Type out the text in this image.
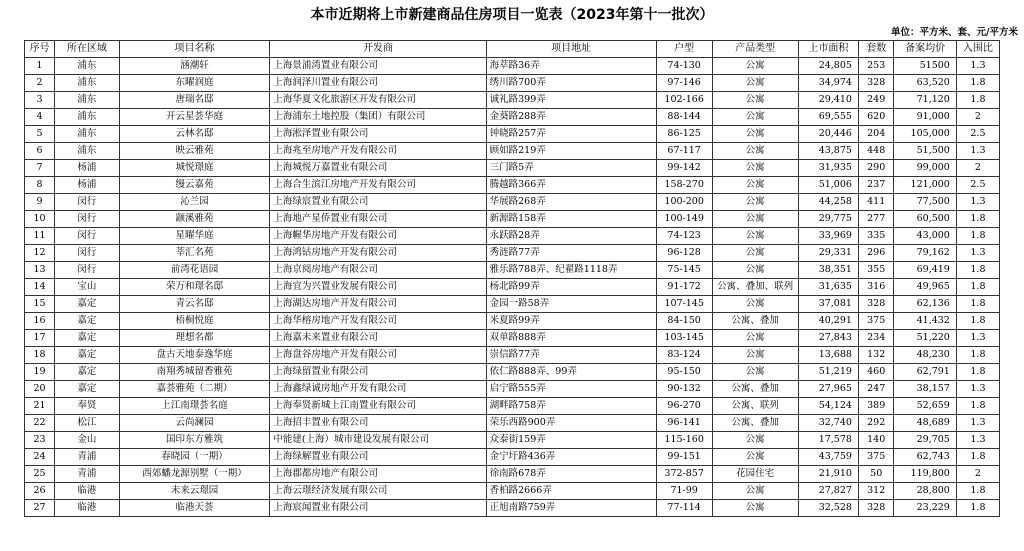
本市近期将上市新建商品住房项目一览表（2023年第十一批次）
单位：平方米、套、元/平方米
序号	所在区域	项目名称	开发商	项目地址	户型	产品类型	上市面积	套数	备案均价	入围比
1	浦东	涵潮轩	上海景浦湾置业有限公司	海萃路36弄	74-130	公寓	24,805	253	51500	1.3
2	浦东	东曜润庭	上海润泽川置业有限公司	绣川路700弄	97-146	公寓	34,974	328	63,520	1.8
3	浦东	唐瑞名邸	上海华夏文化旅游区开发有限公司	诚礼路399弄	102-166	公寓	29,410	249	71,120	1.8
4	浦东	开云星荟华庭	上海浦东土地控股（集团）有限公司	金葵路288弄	88-144	公寓	69,555	620	91,000	2
5	浦东	云林名邸	上海淞泽置业有限公司	钟晓路257弄	86-125	公寓	20,446	204	105,000	2.5
6	浦东	映云雅苑	上海兆至房地产开发有限公司	顾如路219弄	67-117	公寓	43,875	448	51,500	1.3
7	杨浦	城悦璟庭	上海城悦万嘉置业有限公司	三门路5弄	99-142	公寓	31,935	290	99,000	2
8	杨浦	缦云嘉苑	上海合生滨江房地产开发有限公司	腾越路366弄	158-270	公寓	51,006	237	121,000	2.5
9	闵行	沁兰园	上海绿宸置业有限公司	华展路268弄	100-200	公寓	44,258	411	77,500	1.3
10	闵行	颛溪雅苑	上海地产星侨置业有限公司	新源路158弄	100-149	公寓	29,775	277	60,500	1.8
11	闵行	星曜华庭	上海幄华房地产开发有限公司	永跃路28弄	74-123	公寓	33,969	335	43,000	1.8
12	闵行	莘汇名苑	上海鸿钴房地产开发有限公司	秀涟路77弄	96-128	公寓	29,331	296	79,162	1.3
13	闵行	前湾花语园	上海京阅房地产有限公司	雅乐路788弄、纪翟路1118弄	75-145	公寓	38,351	355	69,419	1.8
14	宝山	荣万和璟名邸	上海宜为兴置业发展有限公司	杨北路99弄	91-172	公寓、叠加、联列	31,635	316	49,965	1.8
15	嘉定	青云名邸	上海湖达房地产开发有限公司	金园一路58弄	107-145	公寓	37,081	328	62,136	1.8
16	嘉定	梧桐悦庭	上海华榕房地产开发有限公司	米夏路99弄	84-150	公寓、叠加	40,291	375	41,432	1.8
17	嘉定	理想名都	上海嘉未来置业有限公司	双单路888弄	103-145	公寓	27,843	234	51,220	1.3
18	嘉定	盘古天地泰逸华庭	上海盘谷房地产开发有限公司	崇信路77弄	83-124	公寓	13,688	132	48,230	1.8
19	嘉定	南翔秀城留香雅苑	上海绿留置业有限公司	依仁路888弄、99弄	95-150	公寓	51,219	460	62,791	1.8
20	嘉定	嘉荟雅苑（二期）	上海鑫绿诚房地产开发有限公司	启宁路555弄	90-132	公寓、叠加	27,965	247	38,157	1.3
21	奉贤	上江南璟荟名庭	上海奉贤新城上江南置业有限公司	湖畔路758弄	96-270	公寓、联列	54,124	389	52,659	1.8
22	松江	云尚澜园	上海招丰置业有限公司	荣乐西路900弄	96-141	公寓、叠加	32,740	292	48,689	1.3
23	金山	国印东方雅筑	中能建(上海）城市建设发展有限公司	众泰街159弄	115-160	公寓	17,578	140	29,705	1.3
24	青浦	春晓园（一期）	上海绿解置业有限公司	金宁圩路436弄	99-151	公寓	43,759	375	62,743	1.8
25	青浦	西郊蟠龙源别墅（一期）	上海郡都房地产有限公司	徐南路678弄	372-857	花园住宅	21,910	50	119,800	2
26	临港	未来云璟园	上海云璟经济发展有限公司	香柏路2666弄	71-99	公寓	27,827	312	28,800	1.8
27	临港	临港天荟	上海宸闻置业有限公司	正旭南路759弄	77-114	公寓	32,528	328	23,229	1.8
